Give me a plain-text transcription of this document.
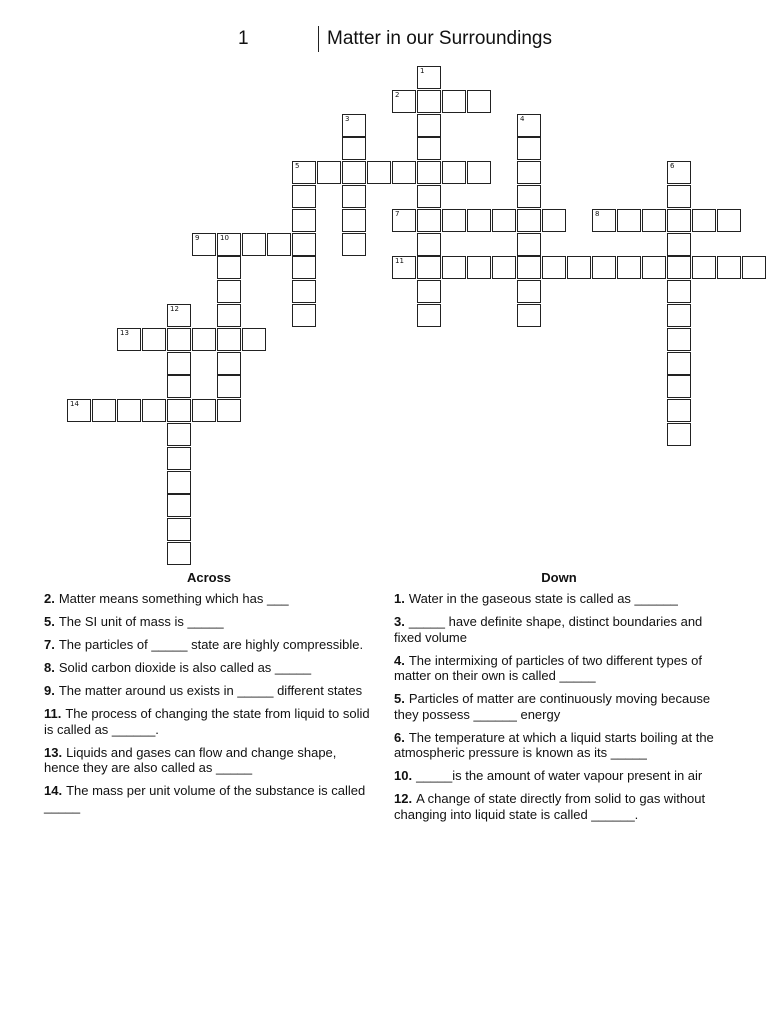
1	Matter in our Surroundings
1
2
3	4
5	6
7	8
9	10
11
12
13
14
Across
2. Matter means something which has ___
5. The SI unit of mass is _____
7. The particles of _____ state are highly compressible.
8. Solid carbon dioxide is also called as _____
9. The matter around us exists in _____ different states
11. The process of changing the state from liquid to solid is called as ______.
13. Liquids and gases can flow and change shape, hence they are also called as _____
14. The mass per unit volume of the substance is called _____
Down
1. Water in the gaseous state is called as ______
3. _____ have definite shape, distinct boundaries and fixed volume
4. The intermixing of particles of two different types of matter on their own is called _____
5. Particles of matter are continuously moving because they possess ______ energy
6. The temperature at which a liquid starts boiling at the atmospheric pressure is known as its _____
10. _____is the amount of water vapour present in air
12. A change of state directly from solid to gas without changing into liquid state is called ______.
